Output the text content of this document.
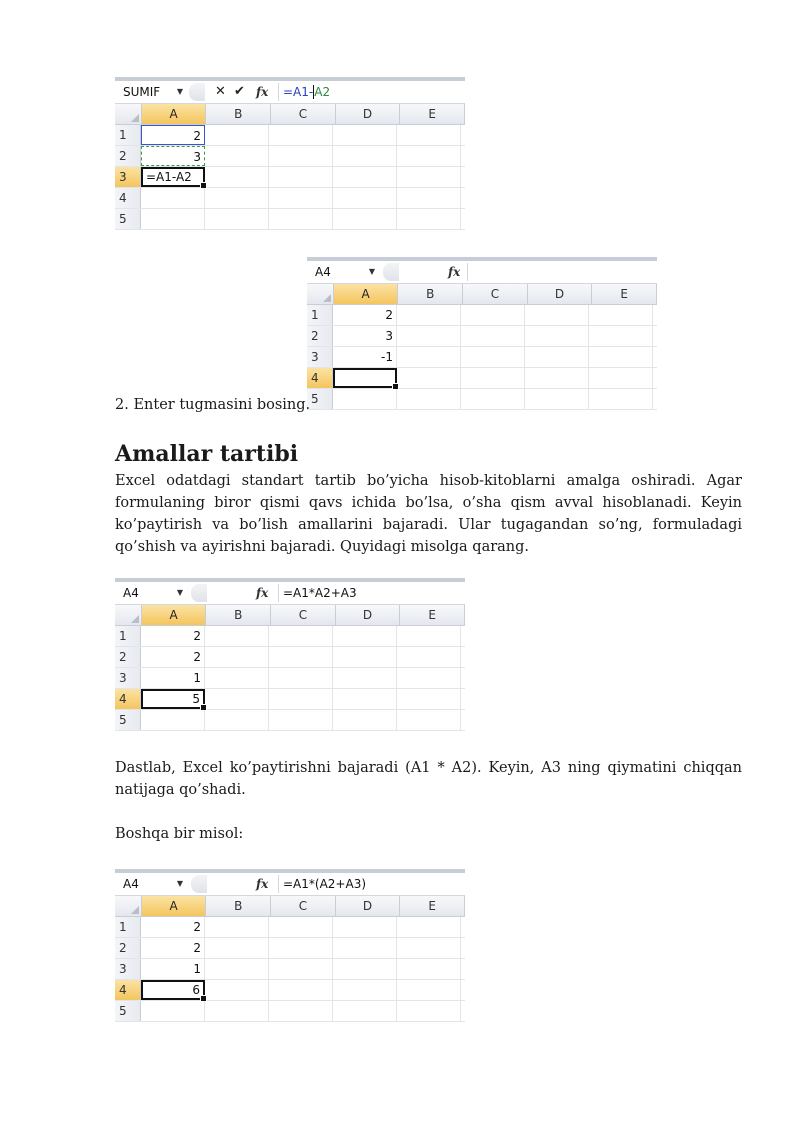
SUMIF ▼ ✕ ✔ fx	=A1-A2
A	B	C	D	E
1	2
2	3
3	=A1-A2
4
5
A4	▼	fx
A	B	C	D	E
1	2
2	3
3	-1
4
5
2. Enter tugmasini bosing.
Amallar tartibi
Excel odatdagi standart tartib bo’yicha hisob-kitoblarni amalga oshiradi. Agar formulaning biror qismi qavs ichida bo’lsa, o’sha qism avval hisoblanadi. Keyin ko’paytirish va bo’lish amallarini bajaradi. Ular tugagandan so’ng, formuladagi qo’shish va ayirishni bajaradi. Quyidagi misolga qarang.
A4	▼	fx	=A1*A2+A3
A	B	C	D	E
1	2
2	2
3	1
4	5
5
Dastlab, Excel ko’paytirishni bajaradi (A1 * A2). Keyin, A3 ning qiymatini chiqqan natijaga qo’shadi.
Boshqa bir misol:
A4	▼	fx	=A1*(A2+A3)
A	B	C	D	E
1	2
2	2
3	1
4	6
5
